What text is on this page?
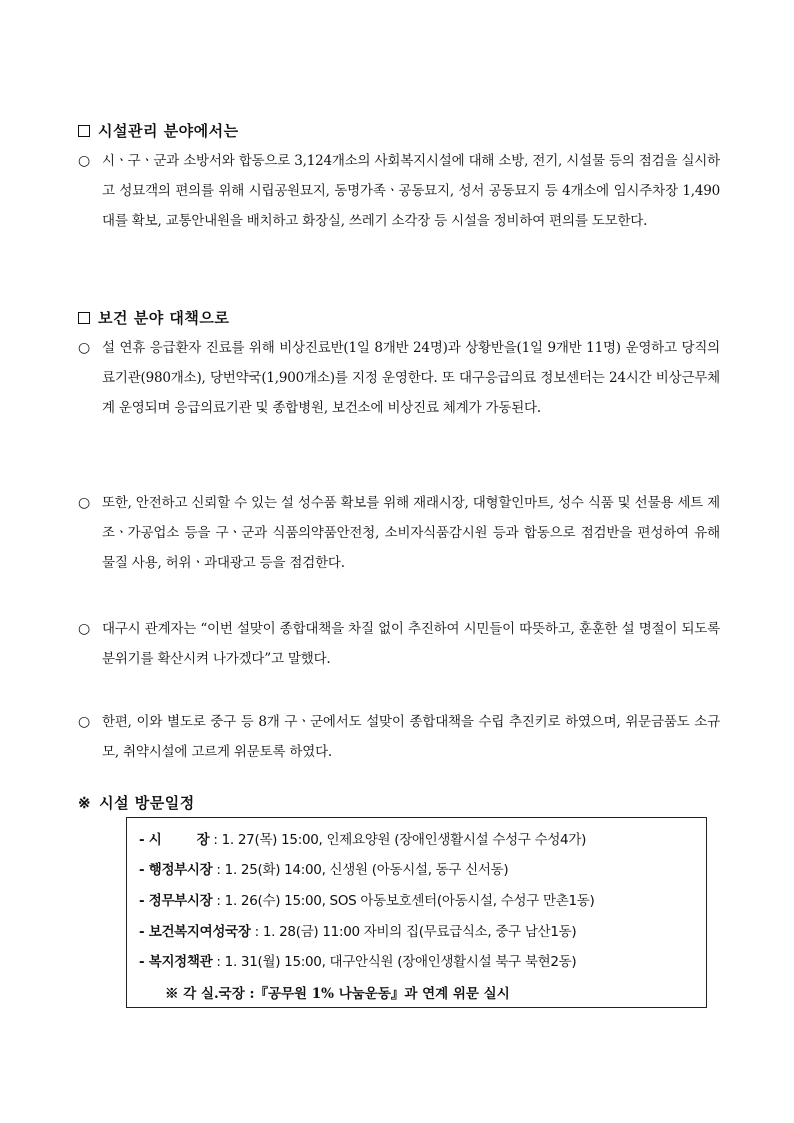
시설관리 분야에서는
○ 시ㆍ구ㆍ군과 소방서와 합동으로 3,124개소의 사회복지시설에 대해 소방, 전기, 시설물 등의 점검을 실시하고 성묘객의 편의를 위해 시립공원묘지, 동명가족ㆍ공동묘지, 성서 공동묘지 등 4개소에 임시주차장 1,490대를 확보, 교통안내원을 배치하고 화장실, 쓰레기 소각장 등 시설을 정비하여 편의를 도모한다.
보건 분야 대책으로
○ 설 연휴 응급환자 진료를 위해 비상진료반(1일 8개반 24명)과 상황반을(1일 9개반 11명) 운영하고 당직의료기관(980개소), 당번약국(1,900개소)를 지정 운영한다. 또 대구응급의료 정보센터는 24시간 비상근무체계 운영되며 응급의료기관 및 종합병원, 보건소에 비상진료 체계가 가동된다.
○ 또한, 안전하고 신뢰할 수 있는 설 성수품 확보를 위해 재래시장, 대형할인마트, 성수 식품 및 선물용 세트 제조ㆍ가공업소 등을 구ㆍ군과 식품의약품안전청, 소비자식품감시원 등과 합동으로 점검반을 편성하여 유해물질 사용, 허위ㆍ과대광고 등을 점검한다.
○ 대구시 관계자는 “이번 설맞이 종합대책을 차질 없이 추진하여 시민들이 따뜻하고, 훈훈한 설 명절이 되도록 분위기를 확산시켜 나가겠다”고 말했다.
○ 한편, 이와 별도로 중구 등 8개 구ㆍ군에서도 설맞이 종합대책을 수립 추진키로 하였으며, 위문금품도 소규모, 취약시설에 고르게 위문토록 하였다.
※ 시설 방문일정
- 시        장 : 1. 27(목) 15:00, 인제요양원 (장애인생활시설 수성구 수성4가)
- 행정부시장 : 1. 25(화) 14:00, 신생원 (아동시설, 동구 신서동)
- 정무부시장 : 1. 26(수) 15:00, SOS 아동보호센터(아동시설, 수성구 만촌1동)
- 보건복지여성국장 : 1. 28(금) 11:00 자비의 집(무료급식소, 중구 남산1동)
- 복지정책관 : 1. 31(월) 15:00, 대구안식원 (장애인생활시설 북구 북현2동)
※ 각 실․국장 :『공무원 1% 나눔운동』과 연계 위문 실시
